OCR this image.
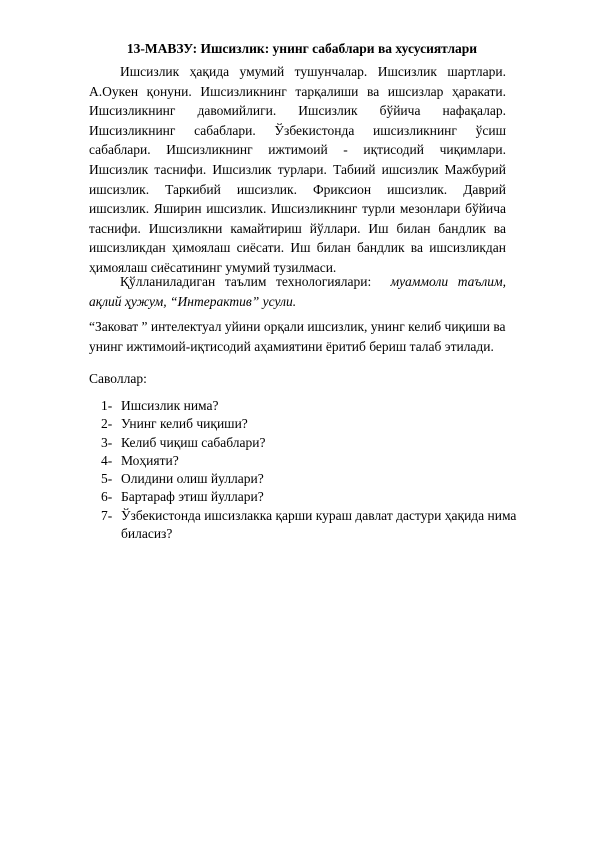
13-МАВЗУ: Ишсизлик: унинг сабаблари ва хусусиятлари

Ишсизлик ҳақида умумий тушунчалар. Ишсизлик шартлари. А.Оукен қонуни. Ишсизликнинг тарқалиши ва ишсизлар ҳаракати. Ишсизликнинг давомийлиги. Ишсизлик бўйича нафақалар. Ишсизликнинг сабаблари. Ўзбекистонда ишсизликнинг ўсиш сабаблари. Ишсизликнинг ижтимоий - иқтисодий чиқимлари. Ишсизлик таснифи. Ишсизлик турлари. Табиий ишсизлик Мажбурий ишсизлик. Таркибий ишсизлик. Фриксион ишсизлик. Даврий ишсизлик. Яширин ишсизлик. Ишсизликнинг турли мезонлари бўйича таснифи. Ишсизликни камайтириш йўллари. Иш билан бандлик ва ишсизликдан ҳимоялаш сиёсати. Иш билан бандлик ва ишсизликдан ҳимоялаш сиёсатининг умумий тузилмаси.

Қўлланиладиган таълим технологиялари: муаммоли таълим, ақлий ҳужум, “Интерактив” усули.

“Заковат ” интелектуал уйини орқали ишсизлик, унинг келиб чиқиши ва унинг ижтимоий-иқтисодий аҳамиятини ёритиб бериш талаб этилади.

Саволлар:

1- Ишсизлик нима?
2- Унинг келиб чиқиши?
3- Келиб чиқиш сабаблари?
4- Моҳияти?
5- Олидини олиш йуллари?
6- Бартараф этиш йуллари?
7- Ўзбекистонда ишсизлакка қарши кураш давлат дастури ҳақида нима биласиз?
